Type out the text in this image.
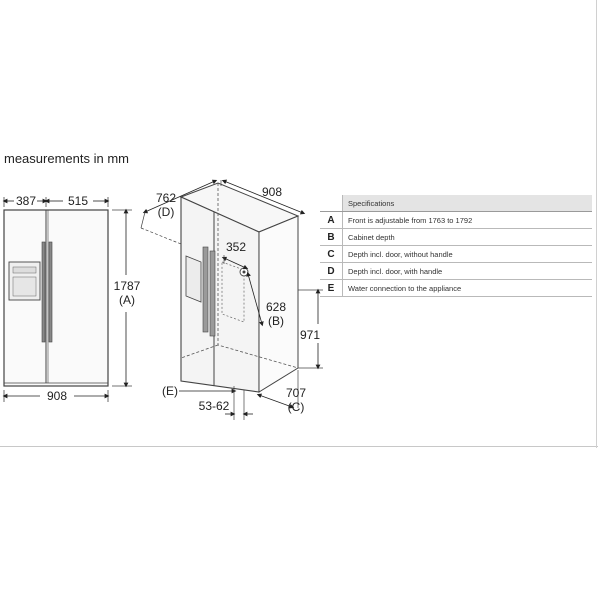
measurements in mm
387	515
908
1787
(A)
762
(D)
908
352
628
(B)
971
(E)
53-62
707
(C)
	Specifications
A	Front is adjustable from 1763 to 1792
B	Cabinet depth
C	Depth incl. door, without handle
D	Depth incl. door, with handle
E	Water connection to the appliance
